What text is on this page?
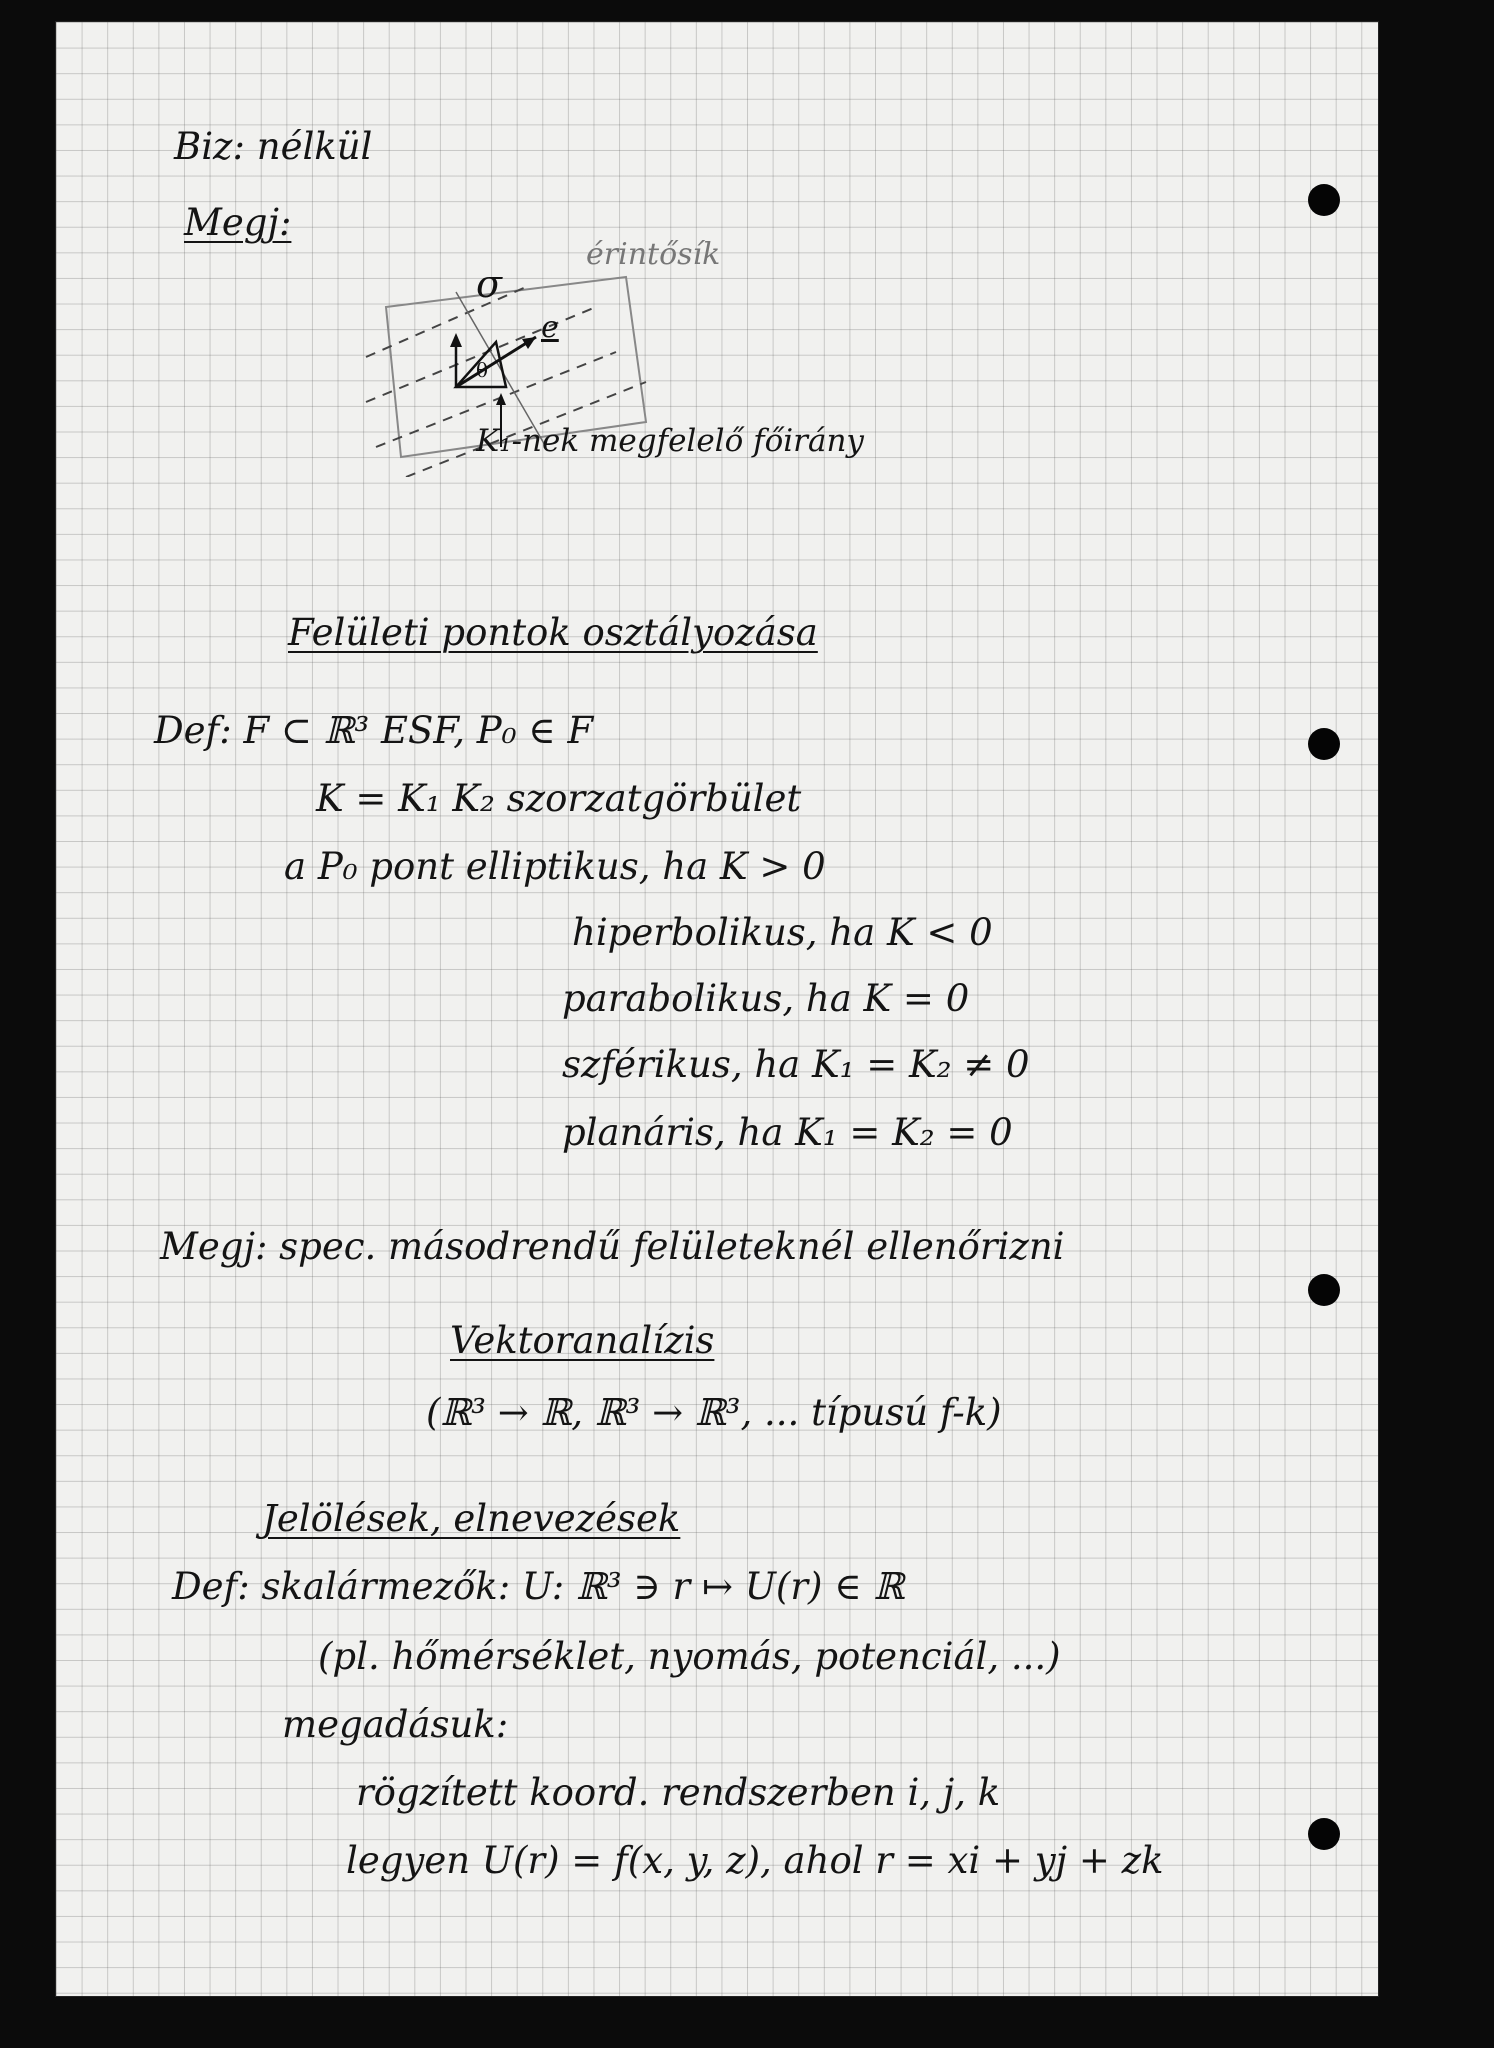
Biz: nélkül
Megj:
σ
e
θ
érintősík
K₁-nek megfelelő főirány
Felületi pontok osztályozása
Def: F ⊂ ℝ³ ESF, P₀ ∈ F
K = K₁ K₂ szorzatgörbület
a P₀ pont elliptikus, ha K > 0
hiperbolikus, ha K < 0
parabolikus, ha K = 0
szférikus, ha K₁ = K₂ ≠ 0
planáris, ha K₁ = K₂ = 0
Megj: spec. másodrendű felületeknél ellenőrizni
Vektoranalízis
(ℝ³ → ℝ, ℝ³ → ℝ³, ... típusú f-k)
Jelölések, elnevezések
Def: skalármezők: U: ℝ³ ∋ r ↦ U(r) ∈ ℝ
(pl. hőmérséklet, nyomás, potenciál, ...)
megadásuk:
rögzített koord. rendszerben i, j, k
legyen U(r) = f(x, y, z), ahol r = xi + yj + zk
